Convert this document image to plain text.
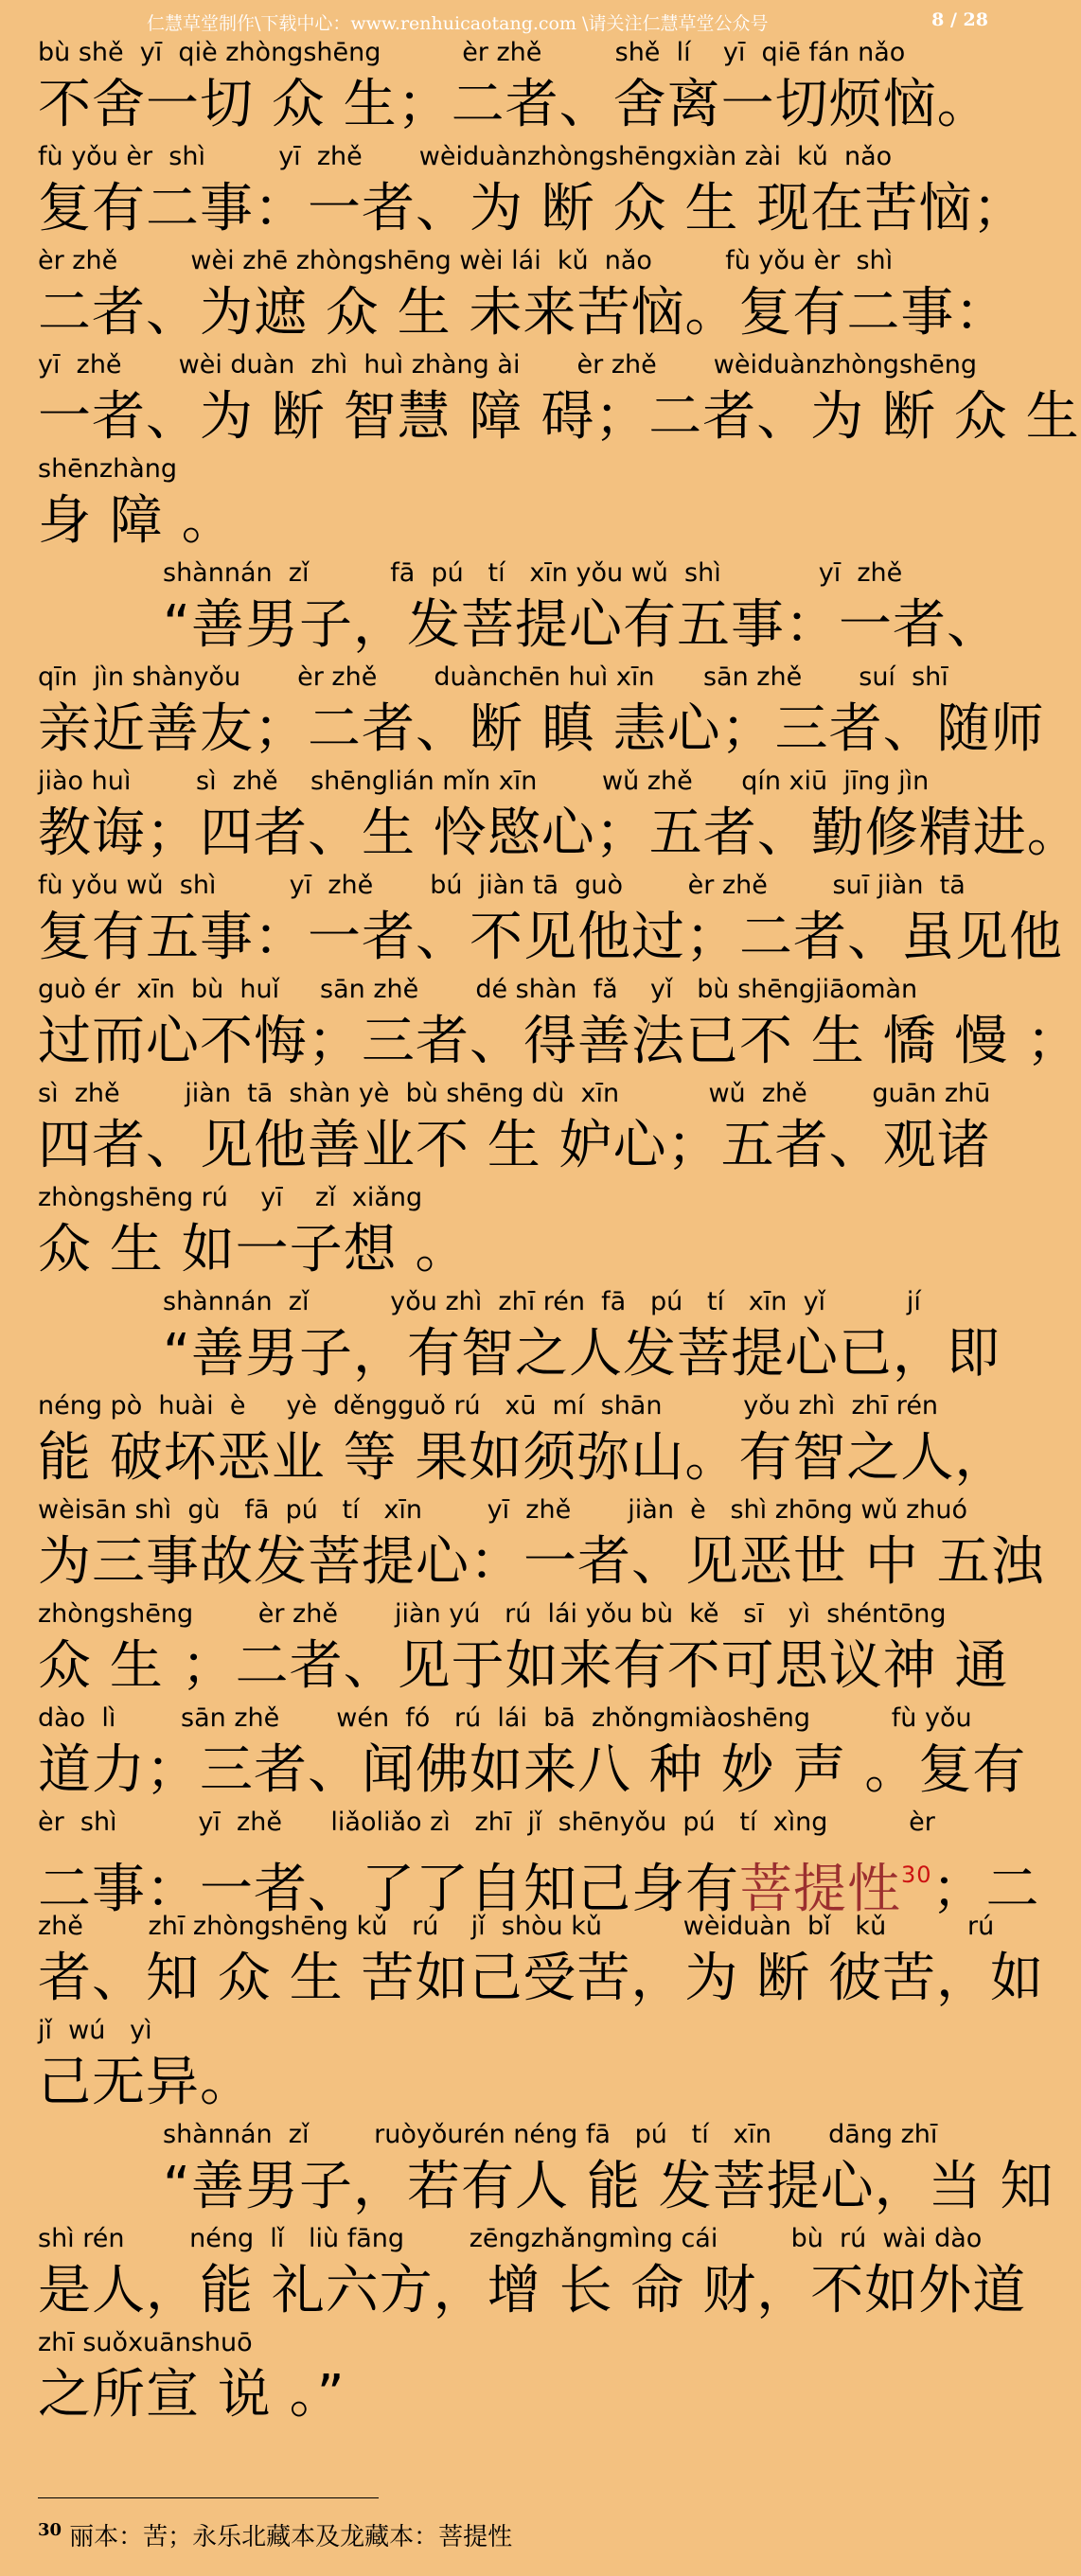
仁慧草堂制作\下载中心：www.renhuicaotang.com \请关注仁慧草堂公众号	8 / 28
bù shě  yī  qiè zhòngshēng          èr zhě         shě  lí    yī  qiē fán nǎo
不舍一切 众 生；二者、舍离一切烦恼。
fù yǒu èr  shì         yī  zhě       wèiduànzhòngshēngxiàn zài  kǔ  nǎo
复有二事：一者、为 断 众 生 现在苦恼；
èr zhě         wèi zhē zhòngshēng wèi lái  kǔ  nǎo         fù yǒu èr  shì
二者、为遮 众 生 未来苦恼。复有二事：
yī  zhě       wèi duàn  zhì  huì zhàng ài       èr zhě       wèiduànzhòngshēng
一者、为 断 智慧 障 碍；二者、为 断 众 生
shēnzhàng
身 障 。
shànnán  zǐ          fā  pú   tí   xīn yǒu wǔ  shì            yī  zhě
“善男子，发菩提心有五事：一者、
qīn  jìn shànyǒu       èr zhě       duànchēn huì xīn      sān zhě       suí  shī
亲近善友；二者、断 瞋 恚心；三者、随师
jiào huì        sì  zhě    shēnglián mǐn xīn        wǔ zhě      qín xiū  jīng jìn
教诲；四者、生 怜愍心；五者、勤修精进。
fù yǒu wǔ  shì         yī  zhě       bú  jiàn tā  guò        èr zhě        suī jiàn  tā
复有五事：一者、不见他过；二者、虽见他
guò ér  xīn  bù  huǐ     sān zhě       dé shàn  fǎ    yǐ   bù shēngjiāomàn
过而心不悔；三者、得善法已不 生 憍 慢 ；
sì  zhě        jiàn  tā  shàn yè  bù shēng dù  xīn           wǔ  zhě        guān zhū
四者、见他善业不 生 妒心；五者、观诸
zhòngshēng rú    yī    zǐ  xiǎng
众 生 如一子想 。
shànnán  zǐ          yǒu zhì  zhī rén  fā   pú   tí   xīn  yǐ          jí
“善男子，有智之人发菩提心已，即
néng pò  huài  è     yè  děngguǒ rú   xū  mí  shān          yǒu zhì  zhī rén
能 破坏恶业 等 果如须弥山。有智之人，
wèisān shì  gù   fā  pú   tí   xīn        yī  zhě       jiàn  è   shì zhōng wǔ zhuó
为三事故发菩提心：一者、见恶世 中 五浊
zhòngshēng        èr zhě       jiàn yú   rú  lái yǒu bù  kě   sī   yì  shéntōng
众 生 ；二者、见于如来有不可思议神 通
dào  lì        sān zhě       wén  fó   rú  lái  bā  zhǒngmiàoshēng          fù yǒu
道力；三者、闻佛如来八 种 妙 声 。复有
èr  shì          yī  zhě      liǎoliǎo zì   zhī  jǐ  shēnyǒu  pú   tí  xìng          èr
二事：一者、了了自知己身有菩提性$^{30}$；二
zhě        zhī zhòngshēng kǔ   rú    jǐ  shòu kǔ          wèiduàn  bǐ   kǔ          rú
者、知 众 生 苦如己受苦，为 断 彼苦，如
jǐ  wú   yì
己无异。
shànnán  zǐ        ruòyǒurén néng fā   pú   tí   xīn       dāng zhī
“善男子，若有人 能 发菩提心，当 知
shì rén        néng  lǐ   liù fāng        zēngzhǎngmìng cái         bù  rú  wài dào
是人，能 礼六方，增 长 命 财，不如外道
zhī suǒxuānshuō
之所宣 说 。”
$^{30}$ 丽本：苦；永乐北藏本及龙藏本：菩提性
